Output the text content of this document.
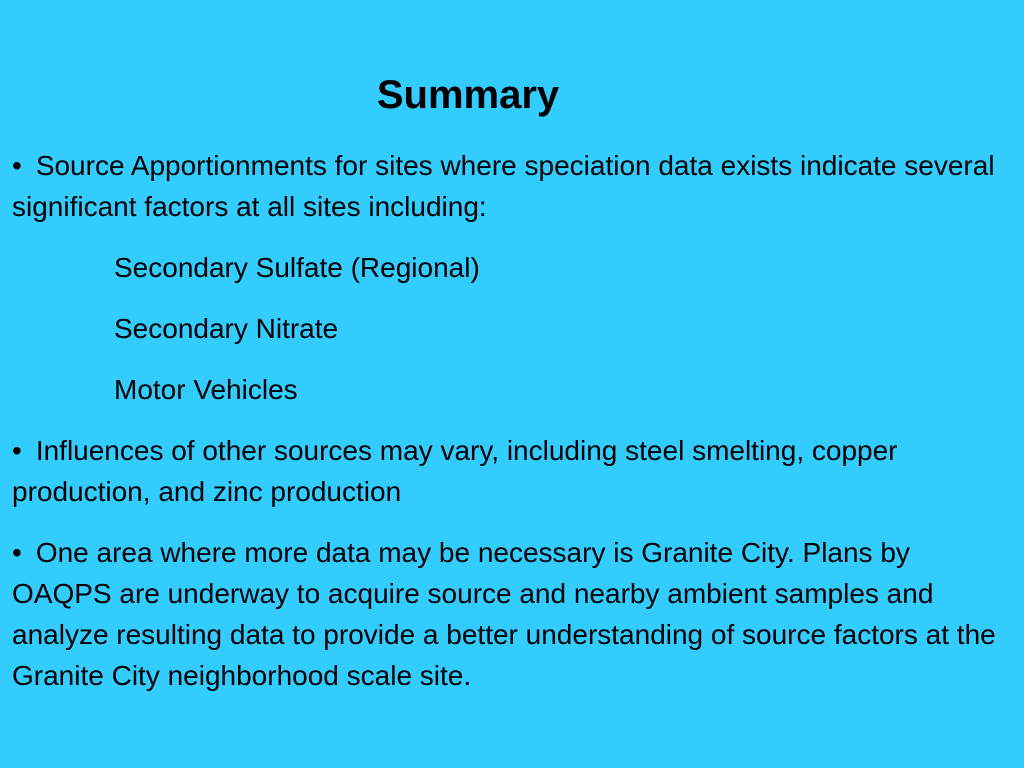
Summary

• Source Apportionments for sites where speciation data exists indicate several significant factors at all sites including:

Secondary Sulfate (Regional)

Secondary Nitrate

Motor Vehicles

• Influences of other sources may vary, including steel smelting, copper production, and zinc production

• One area where more data may be necessary is Granite City. Plans by OAQPS are underway to acquire source and nearby ambient samples and analyze resulting data to provide a better understanding of source factors at the Granite City neighborhood scale site.
